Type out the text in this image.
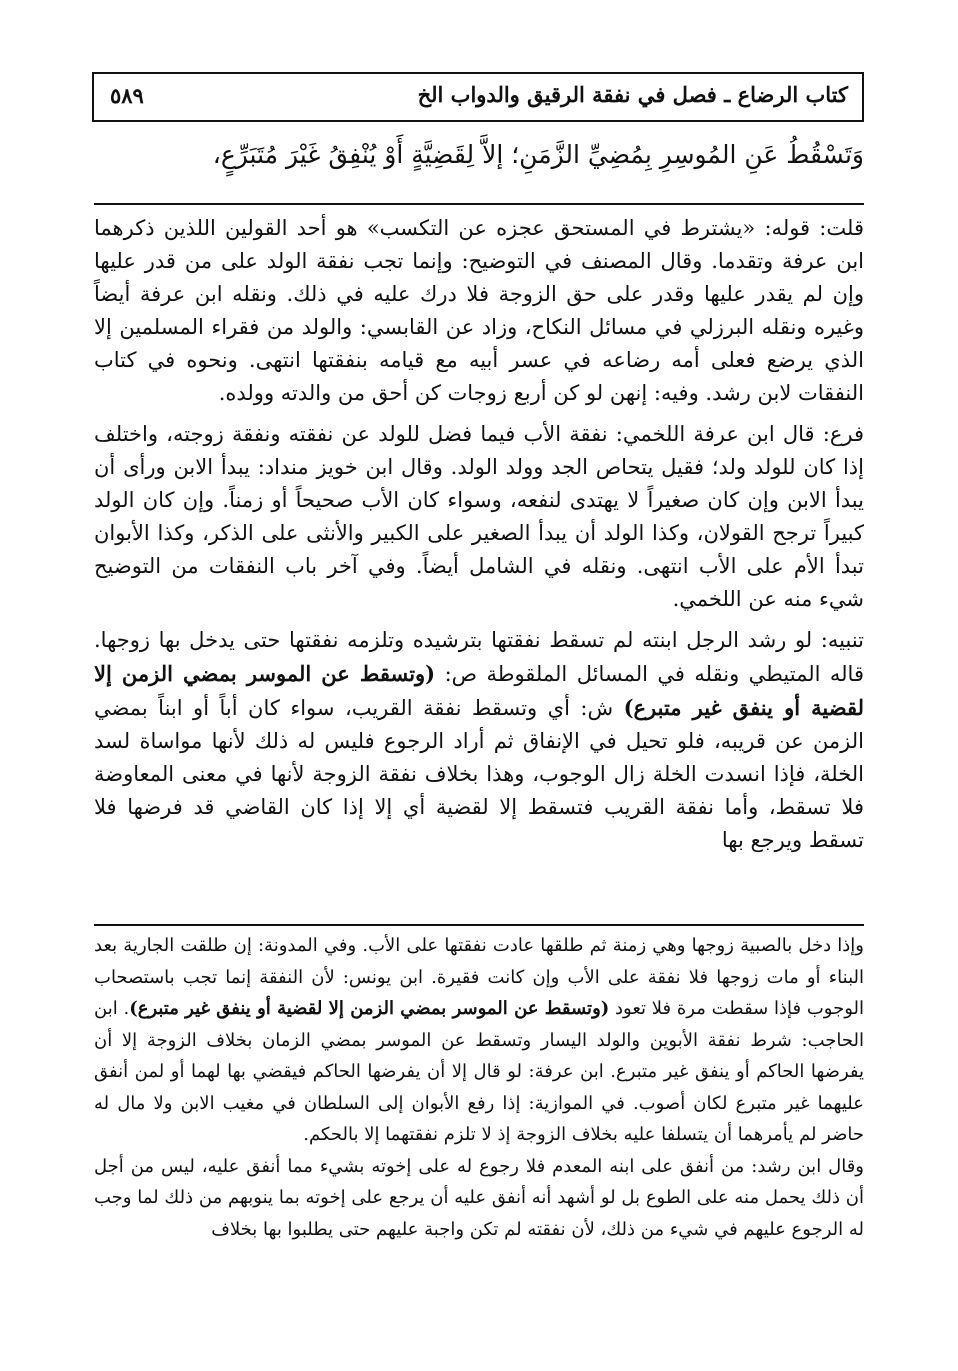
كتاب الرضاع ـ فصل في نفقة الرقيق والدواب الخ
٥٨٩
وَتَسْقُطُ عَنِ المُوسِرِ بِمُضِيِّ الزَّمَنِ؛ إلاَّ لِقَضِيَّةٍ أَوْ يُنْفِقُ غَيْرَ مُتَبَرِّعٍ،

قلت: قوله: «يشترط في المستحق عجزه عن التكسب» هو أحد القولين اللذين ذكرهما ابن عرفة وتقدما. وقال المصنف في التوضيح: وإنما تجب نفقة الولد على من قدر عليها وإن لم يقدر عليها وقدر على حق الزوجة فلا درك عليه في ذلك. ونقله ابن عرفة أيضاً وغيره ونقله البرزلي في مسائل النكاح، وزاد عن القابسي: والولد من فقراء المسلمين إلا الذي يرضع فعلى أمه رضاعه في عسر أبيه مع قيامه بنفقتها انتهى. ونحوه في كتاب النفقات لابن رشد. وفيه: إنهن لو كن أربع زوجات كن أحق من والدته وولده.

فرع: قال ابن عرفة اللخمي: نفقة الأب فيما فضل للولد عن نفقته ونفقة زوجته، واختلف إذا كان للولد ولد؛ فقيل يتحاص الجد وولد الولد. وقال ابن خويز منداد: يبدأ الابن ورأى أن يبدأ الابن وإن كان صغيراً لا يهتدى لنفعه، وسواء كان الأب صحيحاً أو زمناً. وإن كان الولد كبيراً ترجح القولان، وكذا الولد أن يبدأ الصغير على الكبير والأنثى على الذكر، وكذا الأبوان تبدأ الأم على الأب انتهى. ونقله في الشامل أيضاً. وفي آخر باب النفقات من التوضيح شيء منه عن اللخمي.

تنبيه: لو رشد الرجل ابنته لم تسقط نفقتها بترشيده وتلزمه نفقتها حتى يدخل بها زوجها. قاله المتيطي ونقله في المسائل الملقوطة ص: (وتسقط عن الموسر بمضي الزمن إلا لقضية أو ينفق غير متبرع) ش: أي وتسقط نفقة القريب، سواء كان أباً أو ابناً بمضي الزمن عن قريبه، فلو تحيل في الإنفاق ثم أراد الرجوع فليس له ذلك لأنها مواساة لسد الخلة، فإذا انسدت الخلة زال الوجوب، وهذا بخلاف نفقة الزوجة لأنها في معنى المعاوضة فلا تسقط، وأما نفقة القريب فتسقط إلا لقضية أي إلا إذا كان القاضي قد فرضها فلا تسقط ويرجع بها

وإذا دخل بالصبية زوجها وهي زمنة ثم طلقها عادت نفقتها على الأب. وفي المدونة: إن طلقت الجارية بعد البناء أو مات زوجها فلا نفقة على الأب وإن كانت فقيرة. ابن يونس: لأن النفقة إنما تجب باستصحاب الوجوب فإذا سقطت مرة فلا تعود (وتسقط عن الموسر بمضي الزمن إلا لقضية أو ينفق غير متبرع). ابن الحاجب: شرط نفقة الأبوين والولد اليسار وتسقط عن الموسر بمضي الزمان بخلاف الزوجة إلا أن يفرضها الحاكم أو ينفق غير متبرع. ابن عرفة: لو قال إلا أن يفرضها الحاكم فيقضي بها لهما أو لمن أنفق عليهما غير متبرع لكان أصوب. في الموازية: إذا رفع الأبوان إلى السلطان في مغيب الابن ولا مال له حاضر لم يأمرهما أن يتسلفا عليه بخلاف الزوجة إذ لا تلزم نفقتهما إلا بالحكم.

وقال ابن رشد: من أنفق على ابنه المعدم فلا رجوع له على إخوته بشيء مما أنفق عليه، ليس من أجل أن ذلك يحمل منه على الطوع بل لو أشهد أنه أنفق عليه أن يرجع على إخوته بما ينوبهم من ذلك لما وجب له الرجوع عليهم في شيء من ذلك، لأن نفقته لم تكن واجبة عليهم حتى يطلبوا بها بخلاف
